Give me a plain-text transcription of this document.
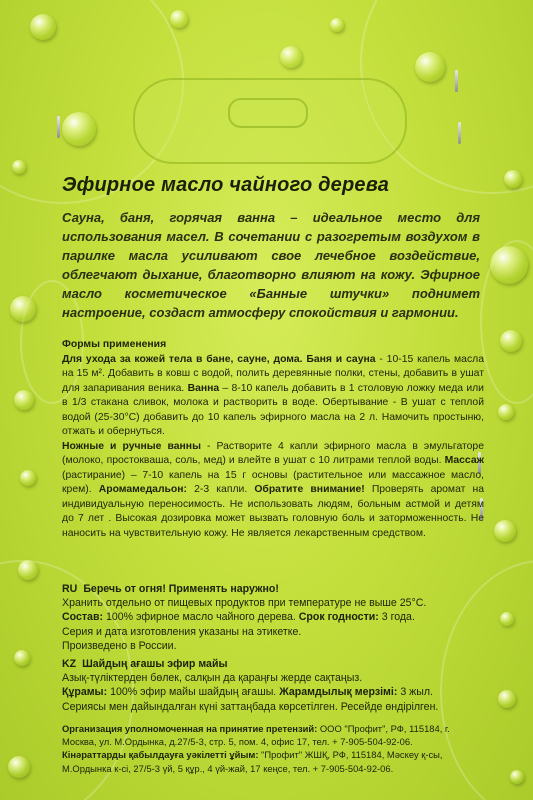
Эфирное масло чайного дерева
Сауна, баня, горячая ванна – идеальное место для использования масел. В сочетании с разогретым воздухом в парилке масла усиливают свое лечебное воздействие, облегчают дыхание, благотворно влияют на кожу. Эфирное масло косметическое «Банные штучки» поднимет настроение, создаст атмосферу спокойствия и гармонии.

Формы применения

Для ухода за кожей тела в бане, сауне, дома. Баня и сауна - 10-15 капель масла на 15 м². Добавить в ковш с водой, полить деревянные полки, стены, добавить в ушат для запаривания веника. Ванна – 8-10 капель добавить в 1 столовую ложку меда или в 1/3 стакана сливок, молока и растворить в воде. Обертывание - В ушат с теплой водой (25-30°C) добавить до 10 капель эфирного масла на 2 л. Намочить простыню, отжать и обернуться.

Ножные и ручные ванны - Растворите 4 капли эфирного масла в эмульгаторе (молоко, простокваша, соль, мед) и влейте в ушат с 10 литрами теплой воды. Массаж (растирание) – 7-10 капель на 15 г основы (растительное или массажное масло, крем). Аромамедальон: 2-3 капли. Обратите внимание! Проверять аромат на индивидуальную переносимость. Не использовать людям, больным астмой и детям до 7 лет . Высокая дозировка может вызвать головную боль и заторможенность. Не наносить на чувствительную кожу. Не является лекарственным средством.

RU Беречь от огня! Применять наружно!

Хранить отдельно от пищевых продуктов при температуре не выше 25°C.

Состав: 100% эфирное масло чайного дерева. Срок годности: 3 года.

Серия и дата изготовления указаны на этикетке.

Произведено в России.

KZ Шайдың ағашы эфир майы

Азық-түліктерден бөлек, салқын да қараңғы жерде сақтаңыз.

Құрамы: 100% эфир майы шайдың ағашы. Жарамдылық мерзімі: 3 жыл.

Сериясы мен дайындалған күні заттаңбада көрсетілген. Ресейде өндірілген.

Организация уполномоченная на принятие претензий: ООО "Профит", РФ, 115184, г. Москва, ул. М.Ордынка, д.27/5-3, стр. 5, пом. 4, офис 17, тел. + 7-905-504-92-06.

Кінәраттарды қабылдауға уәкілетті ұйым: "Профит" ЖШҚ, РФ, 115184, Мәскеу қ-сы, М.Ордынка к-сі, 27/5-3 үй, 5 құр., 4 үй-жай, 17 кеңсе, тел. + 7-905-504-92-06.
